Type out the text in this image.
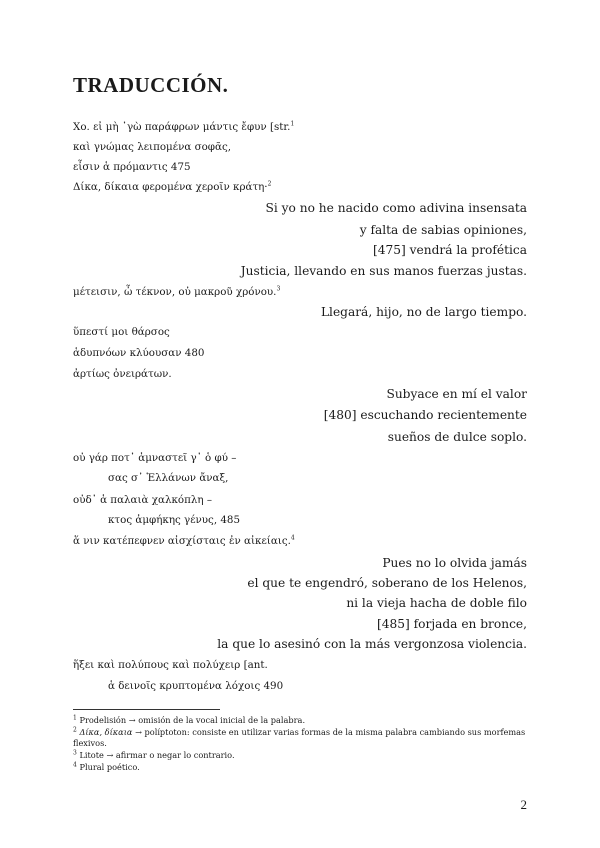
TRADUCCIÓN.
Χο. εἰ μὴ ᾿γὼ παράφρων μάντις ἔφυν [str.$^1$
καὶ γνώμας λειπομένα σοφᾶς,
εἶσιν ἁ πρόμαντις 475
Δίκα, δίκαια φερομένα χεροῖν κράτη·$^2$
Si yo no he nacido como adivina insensata
y falta de sabias opiniones,
[475] vendrá la profética
Justicia, llevando en sus manos fuerzas justas.
μέτεισιν, ὦ τέκνον, οὐ μακροῦ χρόνου.$^3$
Llegará, hijo, no de largo tiempo.
ὕπεστί μοι θάρσος
ἁδυπνόων κλύουσαν 480
ἀρτίως ὀνειράτων.
Subyace en mí el valor
[480] escuchando recientemente
sueños de dulce soplo.
οὐ γάρ ποτ᾽ ἀμναστεῖ γ᾽ ὁ φύ –
σας σ᾽ Ἑλλάνων ἄναξ,
οὐδ᾽ ἁ παλαιὰ χαλκόπλη –
κτος ἀμφήκης γένυς, 485
ἅ νιν κατέπεφνεν αἰσχίσταις ἐν αἰκείαις.$^4$
Pues no lo olvida jamás
el que te engendró, soberano de los Helenos,
ni la vieja hacha de doble filo
[485] forjada en bronce,
la que lo asesinó con la más vergonzosa violencia.
ἥξει καὶ πολύπους καὶ πολύχειρ [ant.
ἁ δεινοῖς κρυπτομένα λόχοις 490
$^1$ Prodelisión → omisión de la vocal inicial de la palabra.
$^2$ Δίκα, δίκαια → políptoton: consiste en utilizar varias formas de la misma palabra cambiando sus morfemas flexivos.
$^3$ Litote → afirmar o negar lo contrario.
$^4$ Plural poético.
2
